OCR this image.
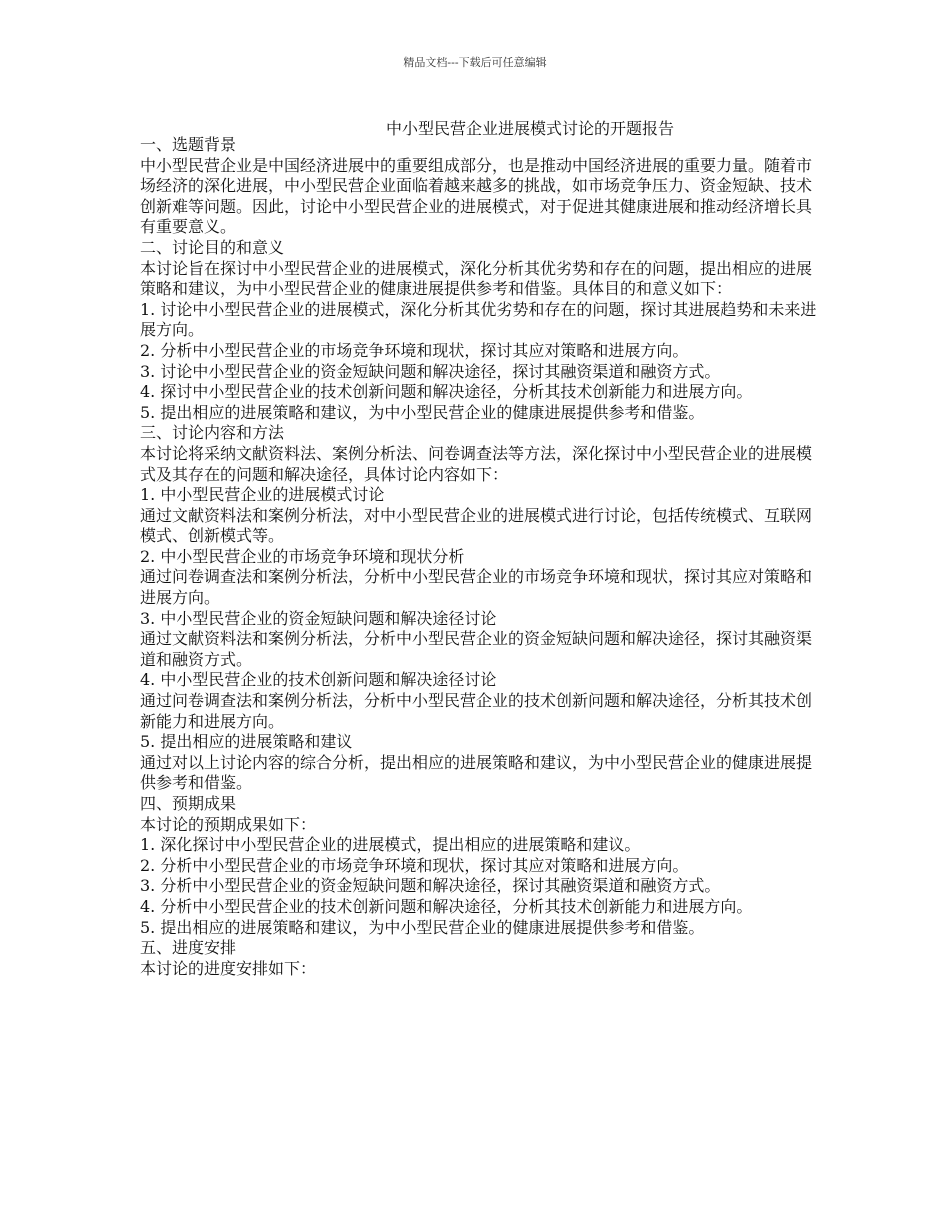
精品文档---下载后可任意编辑
中小型民营企业进展模式讨论的开题报告

一、选题背景

中小型民营企业是中国经济进展中的重要组成部分，也是推动中国经济进展的重要力量。随着市场经济的深化进展，中小型民营企业面临着越来越多的挑战，如市场竞争压力、资金短缺、技术创新难等问题。因此，讨论中小型民营企业的进展模式，对于促进其健康进展和推动经济增长具有重要意义。

二、讨论目的和意义

本讨论旨在探讨中小型民营企业的进展模式，深化分析其优劣势和存在的问题，提出相应的进展策略和建议，为中小型民营企业的健康进展提供参考和借鉴。具体目的和意义如下：

1. 讨论中小型民营企业的进展模式，深化分析其优劣势和存在的问题，探讨其进展趋势和未来进展方向。

2. 分析中小型民营企业的市场竞争环境和现状，探讨其应对策略和进展方向。

3. 讨论中小型民营企业的资金短缺问题和解决途径，探讨其融资渠道和融资方式。

4. 探讨中小型民营企业的技术创新问题和解决途径，分析其技术创新能力和进展方向。

5. 提出相应的进展策略和建议，为中小型民营企业的健康进展提供参考和借鉴。

三、讨论内容和方法

本讨论将采纳文献资料法、案例分析法、问卷调查法等方法，深化探讨中小型民营企业的进展模式及其存在的问题和解决途径，具体讨论内容如下：

1. 中小型民营企业的进展模式讨论

通过文献资料法和案例分析法，对中小型民营企业的进展模式进行讨论，包括传统模式、互联网模式、创新模式等。

2. 中小型民营企业的市场竞争环境和现状分析

通过问卷调查法和案例分析法，分析中小型民营企业的市场竞争环境和现状，探讨其应对策略和进展方向。

3. 中小型民营企业的资金短缺问题和解决途径讨论

通过文献资料法和案例分析法，分析中小型民营企业的资金短缺问题和解决途径，探讨其融资渠道和融资方式。

4. 中小型民营企业的技术创新问题和解决途径讨论

通过问卷调查法和案例分析法，分析中小型民营企业的技术创新问题和解决途径，分析其技术创新能力和进展方向。

5. 提出相应的进展策略和建议

通过对以上讨论内容的综合分析，提出相应的进展策略和建议，为中小型民营企业的健康进展提供参考和借鉴。

四、预期成果

本讨论的预期成果如下：

1. 深化探讨中小型民营企业的进展模式，提出相应的进展策略和建议。

2. 分析中小型民营企业的市场竞争环境和现状，探讨其应对策略和进展方向。

3. 分析中小型民营企业的资金短缺问题和解决途径，探讨其融资渠道和融资方式。

4. 分析中小型民营企业的技术创新问题和解决途径，分析其技术创新能力和进展方向。

5. 提出相应的进展策略和建议，为中小型民营企业的健康进展提供参考和借鉴。

五、进度安排

本讨论的进度安排如下：
